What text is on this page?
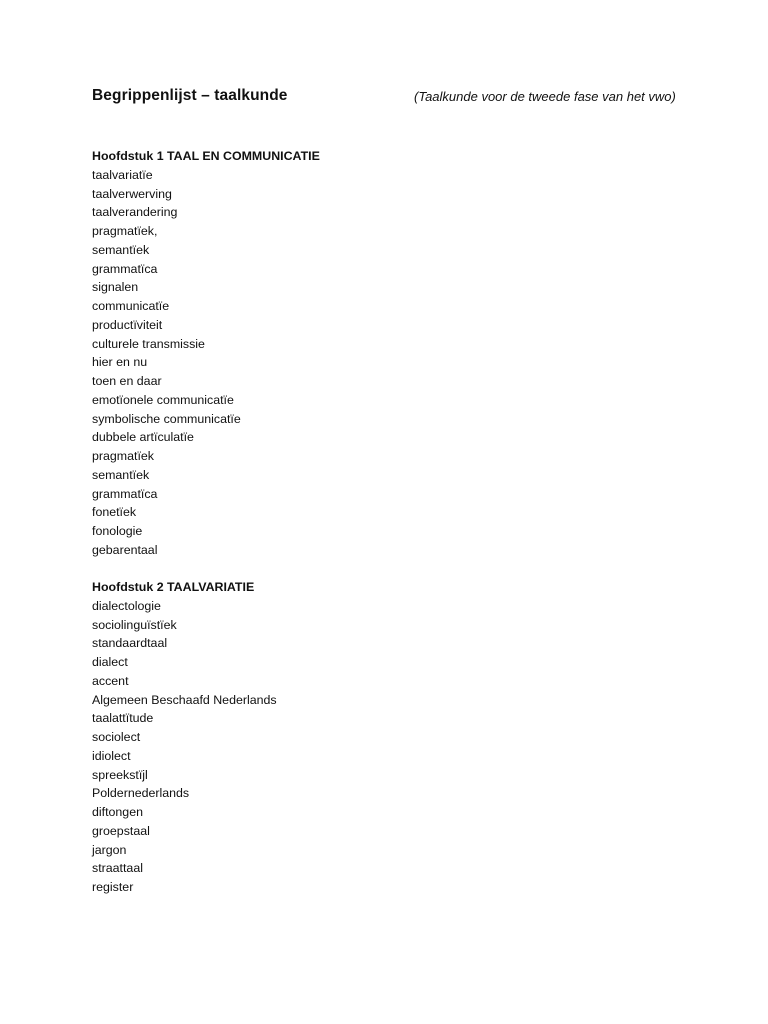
Begrippenlijst – taalkunde	(Taalkunde voor de tweede fase van het vwo)
Hoofdstuk 1 TAAL EN COMMUNICATIE
taalvariatïe
taalverwerving
taalverandering
pragmatïek,
semantïek
grammatïca
signalen
communicatïe
productïviteit
culturele transmissie
hier en nu
toen en daar
emotïonele communicatïe
symbolische communicatïe
dubbele artïculatïe
pragmatïek
semantïek
grammatïca
fonetïek
fonologie
gebarentaal
Hoofdstuk 2 TAALVARIATIE
dialectologie
sociolinguïstïek
standaardtaal
dialect
accent
Algemeen Beschaafd Nederlands
taalattïtude
sociolect
idiolect
spreekstïjl
Poldernederlands
diftongen
groepstaal
jargon
straattaal
register
